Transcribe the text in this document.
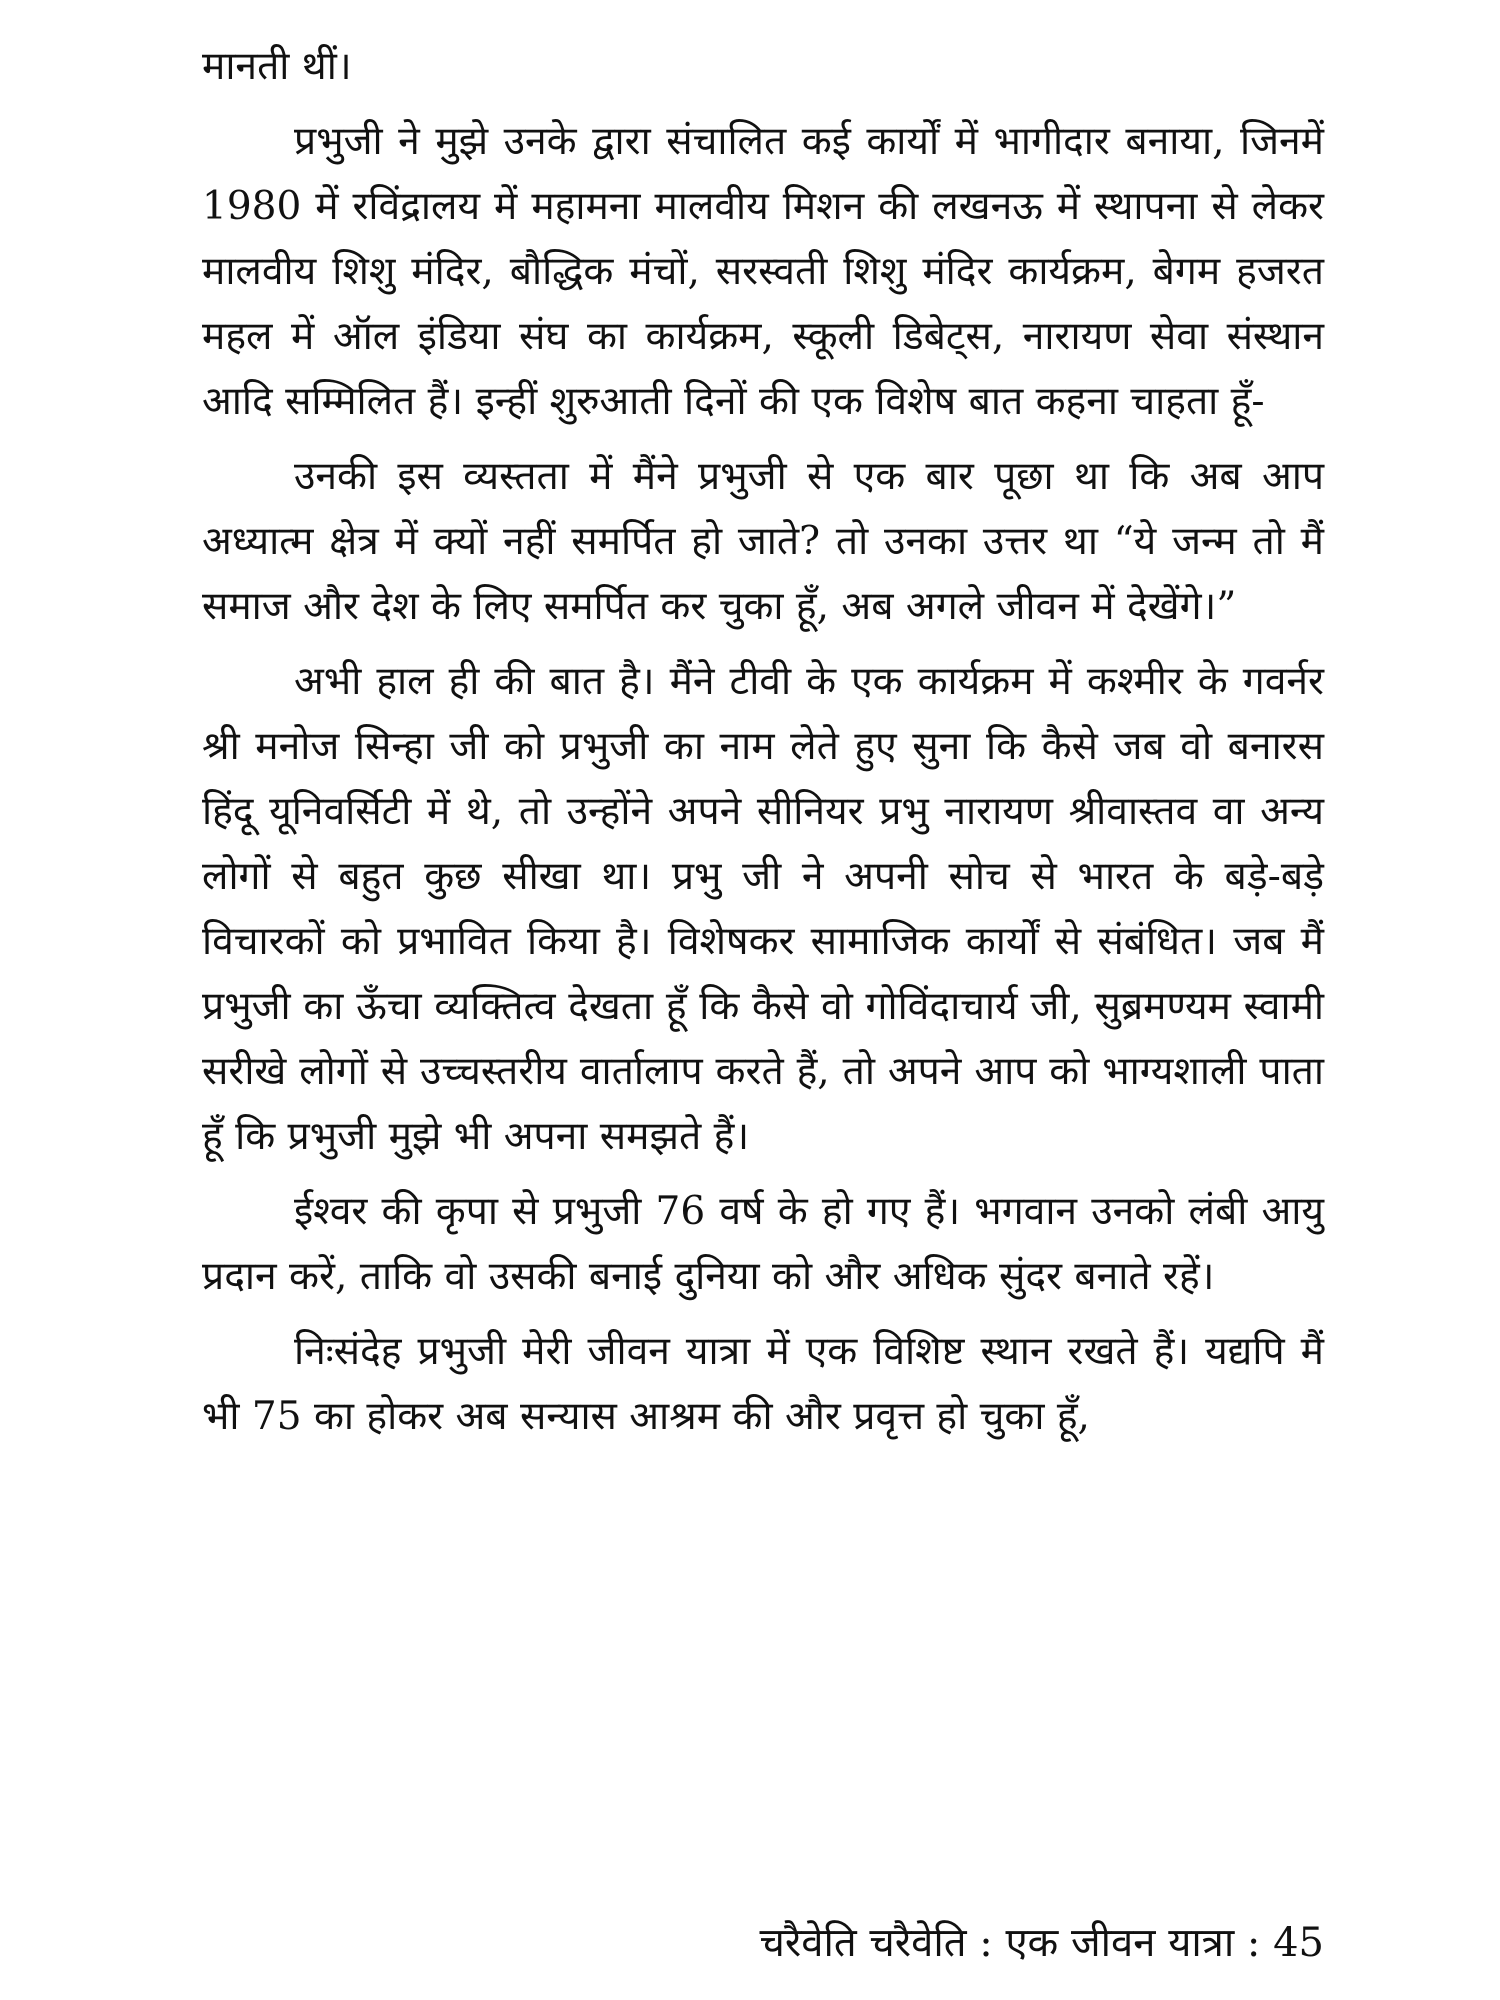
मानती थीं।

प्रभुजी ने मुझे उनके द्वारा संचालित कई कार्यों में भागीदार बनाया, जिनमें 1980 में रविंद्रालय में महामना मालवीय मिशन की लखनऊ में स्थापना से लेकर मालवीय शिशु मंदिर, बौद्धिक मंचों, सरस्वती शिशु मंदिर कार्यक्रम, बेगम हजरत महल में ऑल इंडिया संघ का कार्यक्रम, स्कूली डिबेट्स, नारायण सेवा संस्थान आदि सम्मिलित हैं। इन्हीं शुरुआती दिनों की एक विशेष बात कहना चाहता हूँ-

उनकी इस व्यस्तता में मैंने प्रभुजी से एक बार पूछा था कि अब आप अध्यात्म क्षेत्र में क्यों नहीं समर्पित हो जाते? तो उनका उत्तर था “ये जन्म तो मैं समाज और देश के लिए समर्पित कर चुका हूँ, अब अगले जीवन में देखेंगे।”

अभी हाल ही की बात है। मैंने टीवी के एक कार्यक्रम में कश्मीर के गवर्नर श्री मनोज सिन्हा जी को प्रभुजी का नाम लेते हुए सुना कि कैसे जब वो बनारस हिंदू यूनिवर्सिटी में थे, तो उन्होंने अपने सीनियर प्रभु नारायण श्रीवास्तव वा अन्य लोगों से बहुत कुछ सीखा था। प्रभु जी ने अपनी सोच से भारत के बड़े-बड़े विचारकों को प्रभावित किया है। विशेषकर सामाजिक कार्यों से संबंधित। जब मैं प्रभुजी का ऊँचा व्यक्तित्व देखता हूँ कि कैसे वो गोविंदाचार्य जी, सुब्रमण्यम स्वामी सरीखे लोगों से उच्चस्तरीय वार्तालाप करते हैं, तो अपने आप को भाग्यशाली पाता हूँ कि प्रभुजी मुझे भी अपना समझते हैं।

ईश्वर की कृपा से प्रभुजी 76 वर्ष के हो गए हैं। भगवान उनको लंबी आयु प्रदान करें, ताकि वो उसकी बनाई दुनिया को और अधिक सुंदर बनाते रहें।

निःसंदेह प्रभुजी मेरी जीवन यात्रा में एक विशिष्ट स्थान रखते हैं। यद्यपि मैं भी 75 का होकर अब सन्यास आश्रम की और प्रवृत्त हो चुका हूँ,

चरैवेति चरैवेति : एक जीवन यात्रा : 45
